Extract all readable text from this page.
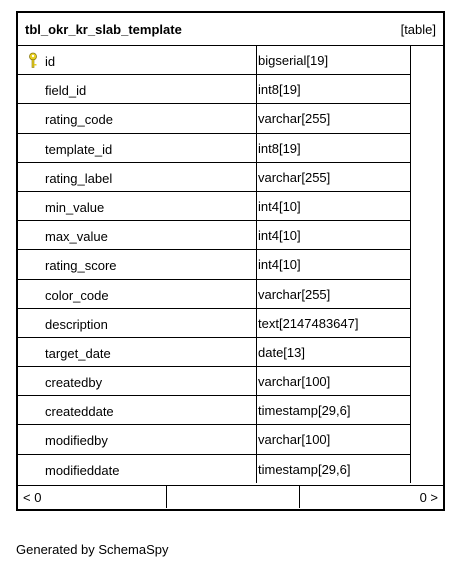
tbl_okr_kr_slab_template	[table]
id	bigserial[19]
field_id	int8[19]
rating_code	varchar[255]
template_id	int8[19]
rating_label	varchar[255]
min_value	int4[10]
max_value	int4[10]
rating_score	int4[10]
color_code	varchar[255]
description	text[2147483647]
target_date	date[13]
createdby	varchar[100]
createddate	timestamp[29,6]
modifiedby	varchar[100]
modifieddate	timestamp[29,6]
< 0	0 >
Generated by SchemaSpy
